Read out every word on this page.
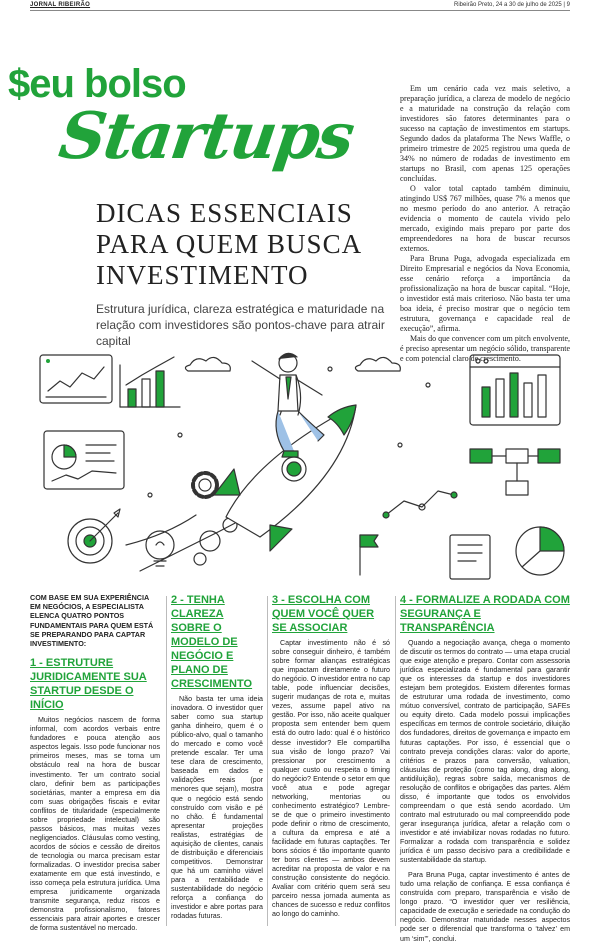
JORNAL RIBEIRÃO	Ribeirão Preto, 24 a 30 de julho de 2025 | 9
$eu bolso
Startups
DICAS ESSENCIAIS
PARA QUEM BUSCA
INVESTIMENTO
Estrutura jurídica, clareza estratégica e maturidade na relação com investidores são pontos-chave para atrair capital

Em um cenário cada vez mais seletivo, a preparação jurídica, a clareza de modelo de negócio e a maturidade na construção da relação com investidores são fatores determinantes para o sucesso na captação de investimentos em startups. Segundo dados da plataforma The News Waffle, o primeiro trimestre de 2025 registrou uma queda de 34% no número de rodadas de investimento em startups no Brasil, com apenas 125 operações concluídas.

O valor total captado também diminuiu, atingindo US$ 767 milhões, quase 7% a menos que no mesmo período do ano anterior. A retração evidencia o momento de cautela vivido pelo mercado, exigindo mais preparo por parte dos empreendedores na hora de buscar recursos externos.

Para Bruna Puga, advogada especializada em Direito Empresarial e negócios da Nova Economia, esse cenário reforça a importância da profissionalização na hora de buscar capital. “Hoje, o investidor está mais criterioso. Não basta ter uma boa ideia, é preciso mostrar que o negócio tem estrutura, governança e capacidade real de execução”, afirma.

Mais do que convencer com um pitch envolvente, é preciso apresentar um negócio sólido, transparente e com potencial claro de crescimento.

COM BASE EM SUA EXPERIÊNCIA EM NEGÓCIOS, A ESPECIALISTA ELENCA QUATRO PONTOS FUNDAMENTAIS PARA QUEM ESTÁ SE PREPARANDO PARA CAPTAR INVESTIMENTO:
1 - ESTRUTURE JURIDICAMENTE SUA STARTUP DESDE O INÍCIO

Muitos negócios nascem de forma informal, com acordos verbais entre fundadores e pouca atenção aos aspectos legais. Isso pode funcionar nos primeiros meses, mas se torna um obstáculo real na hora de buscar investimento. Ter um contrato social claro, definir bem as participações societárias, manter a empresa em dia com suas obrigações fiscais e evitar conflitos de titularidade (especialmente sobre propriedade intelectual) são passos básicos, mas muitas vezes negligenciados. Cláusulas como vesting, acordos de sócios e cessão de direitos de tecnologia ou marca precisam estar formalizadas. O investidor precisa saber exatamente em que está investindo, e isso começa pela estrutura jurídica. Uma empresa juridicamente organizada transmite segurança, reduz riscos e demonstra profissionalismo, fatores essenciais para atrair aportes e crescer de forma sustentável no mercado.

2 - TENHA CLAREZA SOBRE O MODELO DE NEGÓCIO E PLANO DE CRESCIMENTO

Não basta ter uma ideia inovadora. O investidor quer saber como sua startup ganha dinheiro, quem é o público-alvo, qual o tamanho do mercado e como você pretende escalar. Ter uma tese clara de crescimento, baseada em dados e validações reais (por menores que sejam), mostra que o negócio está sendo construído com visão e pé no chão. É fundamental apresentar projeções realistas, estratégias de aquisição de clientes, canais de distribuição e diferenciais competitivos. Demonstrar que há um caminho viável para a rentabilidade e sustentabilidade do negócio reforça a confiança do investidor e abre portas para rodadas futuras.

3 - ESCOLHA COM QUEM VOCÊ QUER SE ASSOCIAR

Captar investimento não é só sobre conseguir dinheiro, é também sobre formar alianças estratégicas que impactam diretamente o futuro do negócio. O investidor entra no cap table, pode influenciar decisões, sugerir mudanças de rota e, muitas vezes, assume papel ativo na gestão. Por isso, não aceite qualquer proposta sem entender bem quem está do outro lado: qual é o histórico desse investidor? Ele compartilha sua visão de longo prazo? Vai pressionar por crescimento a qualquer custo ou respeita o timing do negócio? Entende o setor em que você atua e pode agregar networking, mentorias ou conhecimento estratégico? Lembre-se de que o primeiro investimento pode definir o ritmo de crescimento, a cultura da empresa e até a facilidade em futuras captações. Ter bons sócios é tão importante quanto ter bons clientes — ambos devem acreditar na proposta de valor e na construção consistente do negócio. Avaliar com critério quem será seu parceiro nessa jornada aumenta as chances de sucesso e reduz conflitos ao longo do caminho.

4 - FORMALIZE A RODADA COM SEGURANÇA E TRANSPARÊNCIA

Quando a negociação avança, chega o momento de discutir os termos do contrato — uma etapa crucial que exige atenção e preparo. Contar com assessoria jurídica especializada é fundamental para garantir que os interesses da startup e dos investidores estejam bem protegidos. Existem diferentes formas de estruturar uma rodada de investimento, como mútuo conversível, contrato de participação, SAFEs ou equity direto. Cada modelo possui implicações específicas em termos de controle societário, diluição dos fundadores, direitos de governança e impacto em futuras captações. Por isso, é essencial que o contrato preveja condições claras: valor do aporte, critérios e prazos para conversão, valuation, cláusulas de proteção (como tag along, drag along, antidiluição), regras sobre saída, mecanismos de resolução de conflitos e obrigações das partes. Além disso, é importante que todos os envolvidos compreendam o que está sendo acordado. Um contrato mal estruturado ou mal compreendido pode gerar insegurança jurídica, afetar a relação com o investidor e até inviabilizar novas rodadas no futuro. Formalizar a rodada com transparência e solidez jurídica é um passo decisivo para a credibilidade e sustentabilidade da startup.

Para Bruna Puga, captar investimento é antes de tudo uma relação de confiança. E essa confiança é construída com preparo, transparência e visão de longo prazo. “O investidor quer ver resiliência, capacidade de execução e seriedade na condução do negócio. Demonstrar maturidade nesses aspectos pode ser o diferencial que transforma o ‘talvez’ em um ‘sim’”, conclui.
